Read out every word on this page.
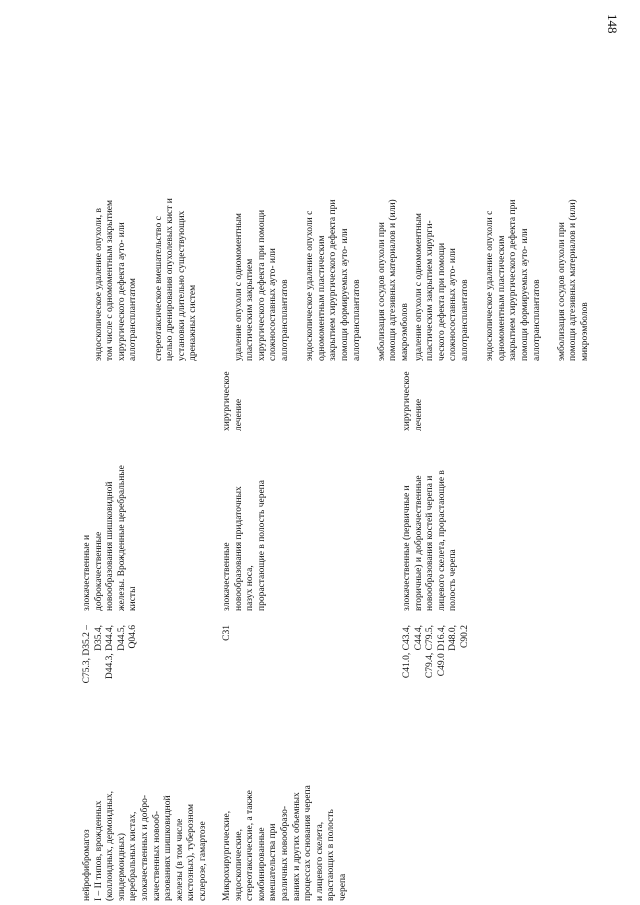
148
нейрофибромагоз
I – II типов, врожденных
(коллоидных, дермоидных,
эпидермоидных)
церебральных кистах,
злокачественных и добро-
качественных новооб-
разованиях шишковидной
железы (в том числе
кистозных), туберозном
склерозе, гамартозе
C75.3, D35.2 – D35.4,
D44.3, D44.4, D44.5,
Q04.6
злокачественные и
доброкачественные
новообразования шишковидной
железы. Врожденные церебральные
кисты

эндоскопическое удаление опухоли, в
том числе с одномоментным закрытием
хирургического дефекта ауто- или
аллотрансплантатом стереотаксическое вмешательство с
целью дренирования опухолевых кист и
установки длительно существующих
дренажных систем

Микрохирургические,
эндоскопические,
стереотаксические, а также
комбинированные
вмешательства при
различных новообразо-
ваниях и других объемных
процессах основания черепа
и лицевого скелета,
врастающих в полость
черепа
C31
злокачественные
новообразования придаточных
пазух носа,
прорастающие в полость черепа
хирургическое
лечение

удаление опухоли с одномоментным
пластическим закрытием
хирургического дефекта при помощи
сложносоставных ауто- или
аллотрансплантатов эндоскопическое удаление опухоли с
одномоментным пластическим
закрытием хирургического дефекта при
помощи формируемых ауто- или
аллотрансплантатов эмболизация сосудов опухоли при
помощи адгезивных материалов и (или)
макроэмболов

C41.0, C43.4, C44.4,
C79.4, C79.5,
C49.0 D16.4, D48.0,
C90.2
злокачественные (первичные и
вторичные) и доброкачественные
новообразования костей черепа и
лицевого скелета, прорастающие в
полость черепа
хирургическое
лечение

удаление опухоли с одномоментным
пластическим закрытием хирурги-
ческого дефекта при помощи
сложносоставных ауто- или
аллотрансплантатов эндоскопическое удаление опухоли с
одномоментным пластическим
закрытием хирургического дефекта при
помощи формируемых ауто- или
аллотрансплантатов эмболизация сосудов опухоли при
помощи адгезивных материалов и (или)
микроэмболов
